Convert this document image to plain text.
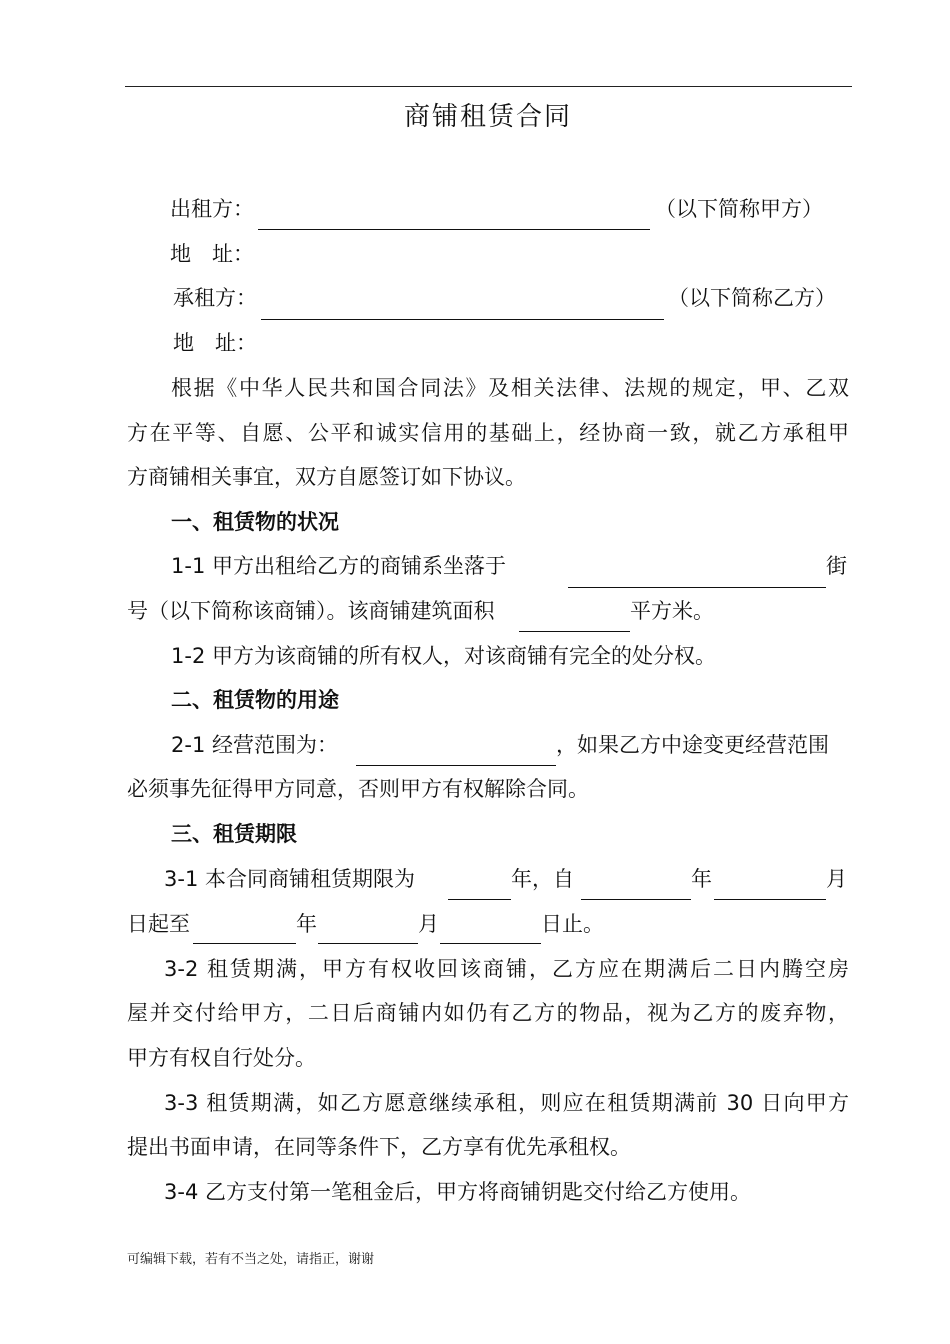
商铺租赁合同
出租方：	（以下简称甲方）
地　址：
承租方：	（以下简称乙方）
地　址：
根据《中华人民共和国合同法》及相关法律、法规的规定，甲、乙双
方在平等、自愿、公平和诚实信用的基础上，经协商一致，就乙方承租甲
方商铺相关事宜，双方自愿签订如下协议。
一、租赁物的状况
1-1 甲方出租给乙方的商铺系坐落于	街
号（以下简称该商铺）。该商铺建筑面积	平方米。
1-2 甲方为该商铺的所有权人，对该商铺有完全的处分权。
二、租赁物的用途
2-1 经营范围为：	，如果乙方中途变更经营范围
必须事先征得甲方同意，否则甲方有权解除合同。
三、租赁期限
3-1 本合同商铺租赁期限为	年，自	年	月
日起至	年	月	日止。
3-2 租赁期满，甲方有权收回该商铺，乙方应在期满后二日内腾空房
屋并交付给甲方，二日后商铺内如仍有乙方的物品，视为乙方的废弃物，
甲方有权自行处分。
3-3 租赁期满，如乙方愿意继续承租，则应在租赁期满前 30 日向甲方
提出书面申请，在同等条件下，乙方享有优先承租权。
3-4 乙方支付第一笔租金后，甲方将商铺钥匙交付给乙方使用。
可编辑下载，若有不当之处，请指正，谢谢
